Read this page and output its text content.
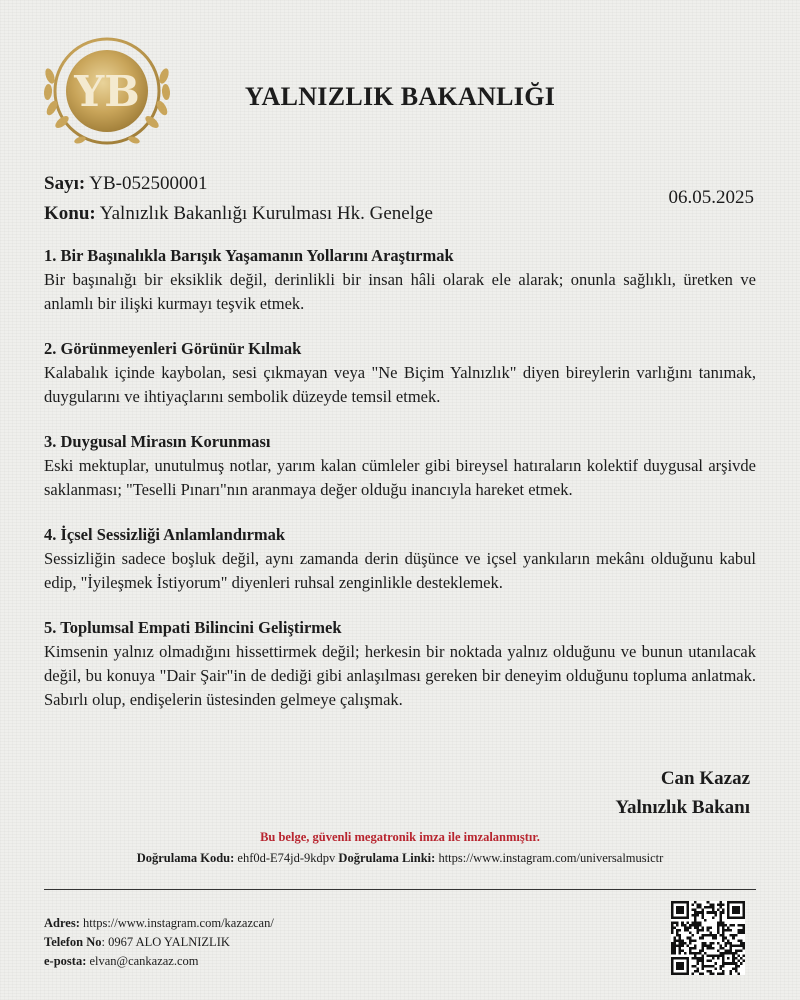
YB	YALNIZLIK BAKANLIĞI
Sayı: YB-052500001
Konu: Yalnızlık Bakanlığı Kurulması Hk. Genelge
06.05.2025
1. Bir Başınalıkla Barışık Yaşamanın Yollarını Araştırmak

Bir başınalığı bir eksiklik değil, derinlikli bir insan hâli olarak ele alarak; onunla sağlıklı, üretken ve anlamlı bir ilişki kurmayı teşvik etmek.

2. Görünmeyenleri Görünür Kılmak

Kalabalık içinde kaybolan, sesi çıkmayan veya "Ne Biçim Yalnızlık" diyen bireylerin varlığını tanımak, duygularını ve ihtiyaçlarını sembolik düzeyde temsil etmek.

3. Duygusal Mirasın Korunması

Eski mektuplar, unutulmuş notlar, yarım kalan cümleler gibi bireysel hatıraların kolektif duygusal arşivde saklanması; "Teselli Pınarı"nın aranmaya değer olduğu inancıyla hareket etmek.

4. İçsel Sessizliği Anlamlandırmak

Sessizliğin sadece boşluk değil, aynı zamanda derin düşünce ve içsel yankıların mekânı olduğunu kabul edip, "İyileşmek İstiyorum" diyenleri ruhsal zenginlikle desteklemek.

5. Toplumsal Empati Bilincini Geliştirmek

Kimsenin yalnız olmadığını hissettirmek değil; herkesin bir noktada yalnız olduğunu ve bunun utanılacak değil, bu konuya "Dair Şair"in de dediği gibi anlaşılması gereken bir deneyim olduğunu topluma anlatmak. Sabırlı olup, endişelerin üstesinden gelmeye çalışmak.

Can Kazaz
Yalnızlık Bakanı
Bu belge, güvenli megatronik imza ile imzalanmıştır.
Doğrulama Kodu: ehf0d-E74jd-9kdpv Doğrulama Linki: https://www.instagram.com/universalmusictr
Adres: https://www.instagram.com/kazazcan/
Telefon No: 0967 ALO YALNIZLIK
e-posta: elvan@cankazaz.com
